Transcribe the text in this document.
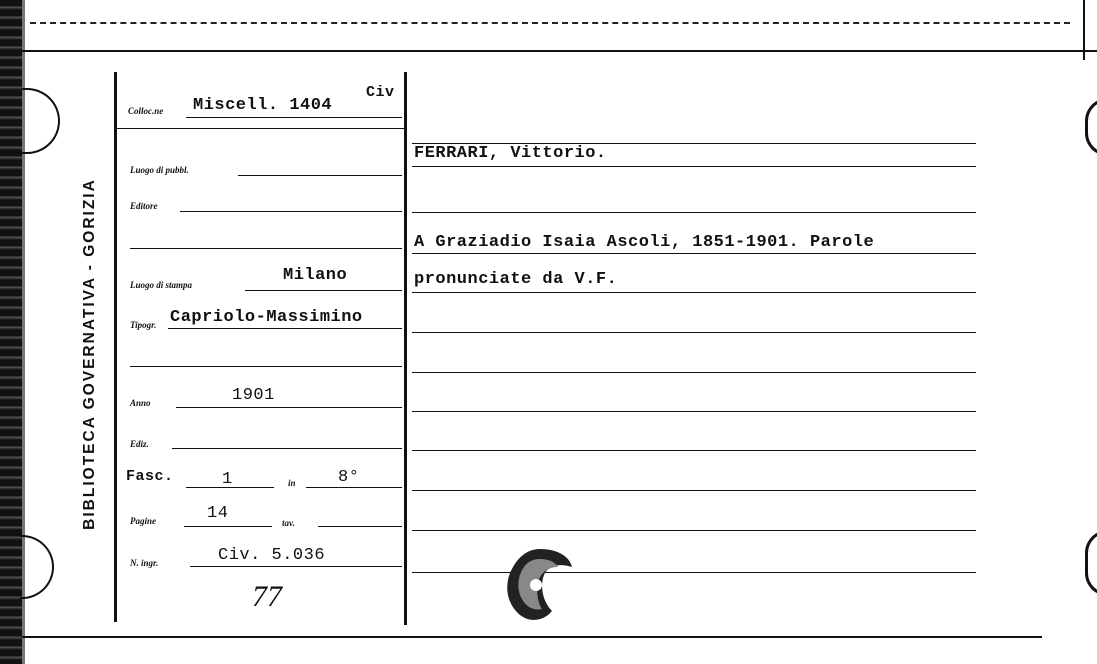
BIBLIOTECA GOVERNATIVA - GORIZIA
Colloc.ne Miscell. 1404
Civ
Luogo di pubbl.
Editore
Luogo di stampa	Milano
Tipogr. Capriolo-Massimino
Anno	1901
Ediz.
Fasc.	1	in 8°
Pagine	14	tav.
N. ingr.	Civ. 5.036
77
FERRARI, Vittorio.
A Graziadio Isaia Ascoli, 1851-1901. Parole
pronunciate da V.F.
